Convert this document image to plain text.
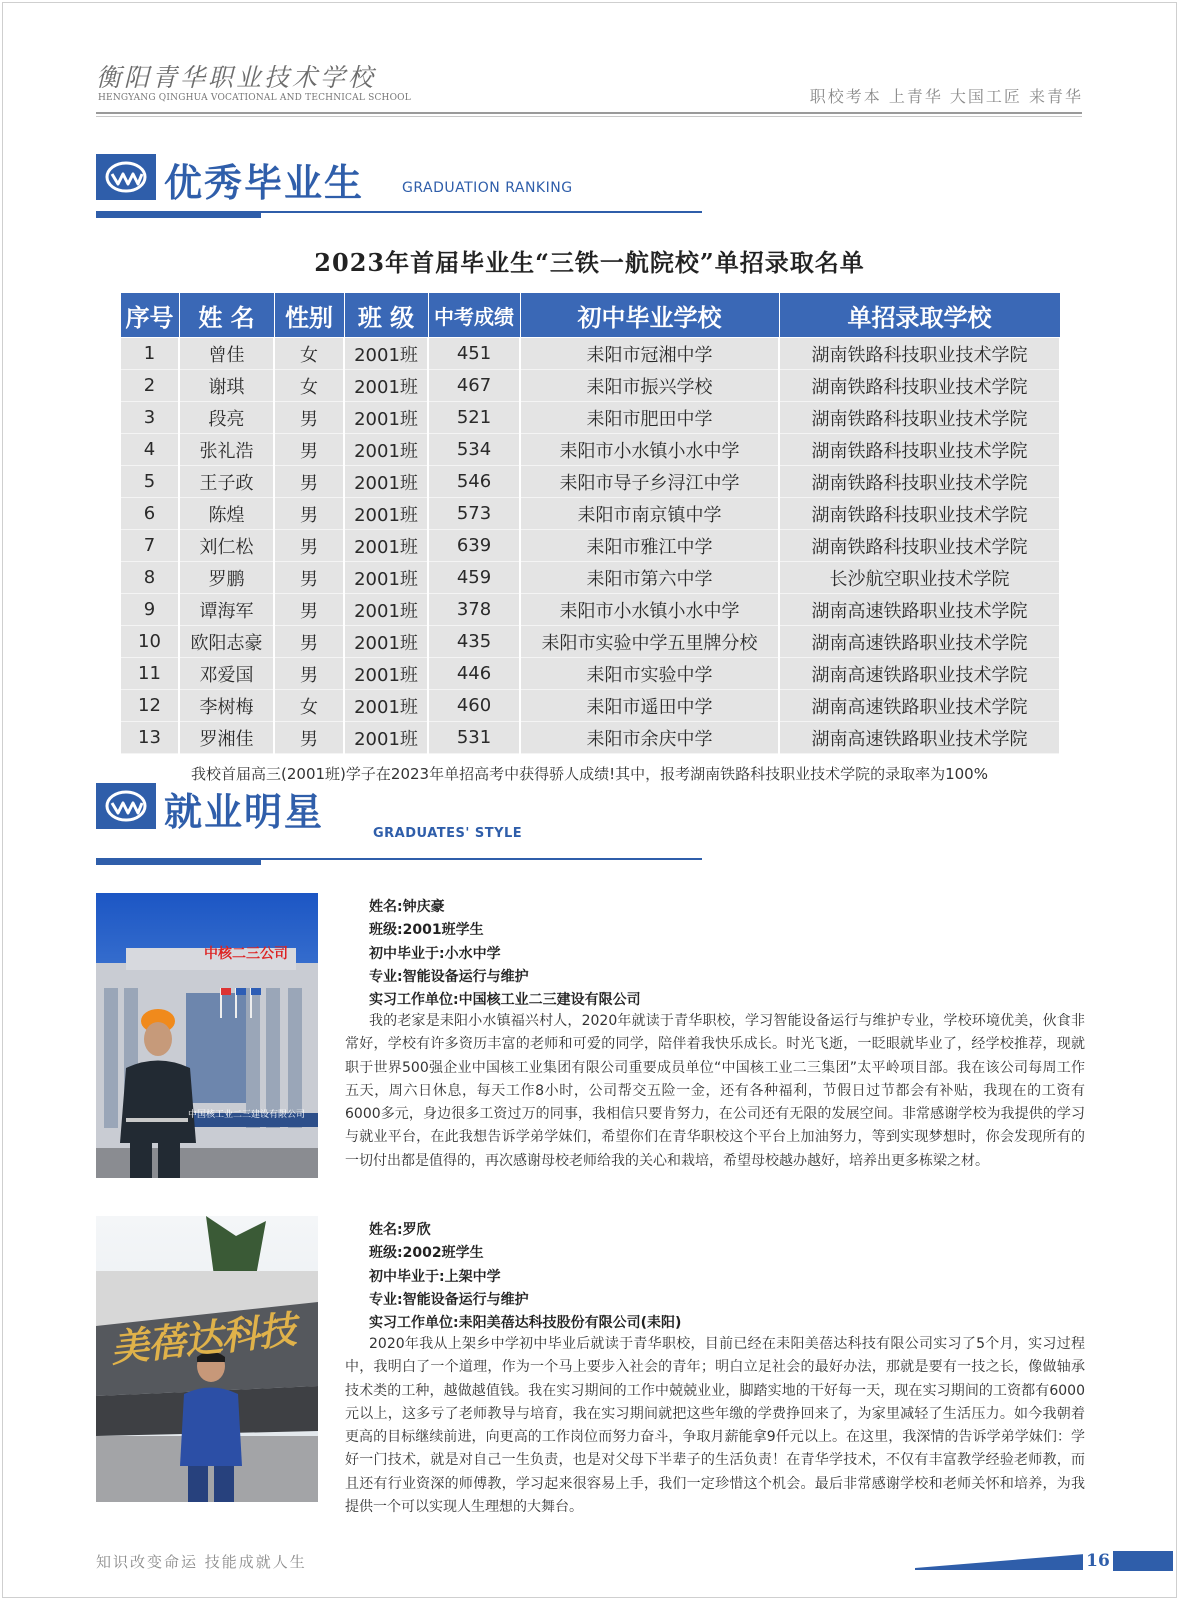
衡阳青华职业技术学校
HENGYANG QINGHUA VOCATIONAL AND TECHNICAL SCHOOL	职校考本 上青华 大国工匠 来青华
优秀毕业生	GRADUATION RANKING
2023年首届毕业生“三铁一航院校”单招录取名单
序号	姓 名	性别	班 级	中考成绩	初中毕业学校	单招录取学校
1	曾佳	女	2001班	451	耒阳市冠湘中学	湖南铁路科技职业技术学院
2	谢琪	女	2001班	467	耒阳市振兴学校	湖南铁路科技职业技术学院
3	段亮	男	2001班	521	耒阳市肥田中学	湖南铁路科技职业技术学院
4	张礼浩	男	2001班	534	耒阳市小水镇小水中学	湖南铁路科技职业技术学院
5	王子政	男	2001班	546	耒阳市导子乡浔江中学	湖南铁路科技职业技术学院
6	陈煌	男	2001班	573	耒阳市南京镇中学	湖南铁路科技职业技术学院
7	刘仁松	男	2001班	639	耒阳市雅江中学	湖南铁路科技职业技术学院
8	罗鹏	男	2001班	459	耒阳市第六中学	长沙航空职业技术学院
9	谭海军	男	2001班	378	耒阳市小水镇小水中学	湖南高速铁路职业技术学院
10	欧阳志豪	男	2001班	435	耒阳市实验中学五里牌分校	湖南高速铁路职业技术学院
11	邓爱国	男	2001班	446	耒阳市实验中学	湖南高速铁路职业技术学院
12	李树梅	女	2001班	460	耒阳市遥田中学	湖南高速铁路职业技术学院
13	罗湘佳	男	2001班	531	耒阳市余庆中学	湖南高速铁路职业技术学院
我校首届高三(2001班)学子在2023年单招高考中获得骄人成绩!其中，报考湖南铁路科技职业技术学院的录取率为100%
就业明星	GRADUATES' STYLE
中核二三公司
中国核工业二三建设有限公司
姓名:钟庆豪
班级:2001班学生
初中毕业于:小水中学
专业:智能设备运行与维护
实习工作单位:中国核工业二三建设有限公司
我的老家是耒阳小水镇福兴村人，2020年就读于青华职校，学习智能设备运行与维护专业，学校环境优美，伙食非常好，学校有许多资历丰富的老师和可爱的同学，陪伴着我快乐成长。时光飞逝，一眨眼就毕业了，经学校推荐，现就职于世界500强企业中国核工业集团有限公司重要成员单位“中国核工业二三集团”太平岭项目部。我在该公司每周工作五天，周六日休息，每天工作8小时，公司帮交五险一金，还有各种福利，节假日过节都会有补贴，我现在的工资有6000多元，身边很多工资过万的同事，我相信只要肯努力，在公司还有无限的发展空间。非常感谢学校为我提供的学习与就业平台，在此我想告诉学弟学妹们，希望你们在青华职校这个平台上加油努力，等到实现梦想时，你会发现所有的一切付出都是值得的，再次感谢母校老师给我的关心和栽培，希望母校越办越好，培养出更多栋梁之材。
美蓓达科技
姓名:罗欣
班级:2002班学生
初中毕业于:上架中学
专业:智能设备运行与维护
实习工作单位:耒阳美蓓达科技股份有限公司(耒阳)
2020年我从上架乡中学初中毕业后就读于青华职校，目前已经在耒阳美蓓达科技有限公司实习了5个月，实习过程中，我明白了一个道理，作为一个马上要步入社会的青年；明白立足社会的最好办法，那就是要有一技之长，像做轴承技术类的工种，越做越值钱。我在实习期间的工作中兢兢业业，脚踏实地的干好每一天，现在实习期间的工资都有6000元以上，这多亏了老师教导与培育，我在实习期间就把这些年缴的学费挣回来了，为家里减轻了生活压力。如今我朝着更高的目标继续前进，向更高的工作岗位而努力奋斗，争取月薪能拿9仟元以上。在这里，我深情的告诉学弟学妹们：学好一门技术，就是对自己一生负责，也是对父母下半辈子的生活负责！在青华学技术，不仅有丰富教学经验老师教，而且还有行业资深的师傅教，学习起来很容易上手，我们一定珍惜这个机会。最后非常感谢学校和老师关怀和培养，为我提供一个可以实现人生理想的大舞台。
知识改变命运 技能成就人生	16
